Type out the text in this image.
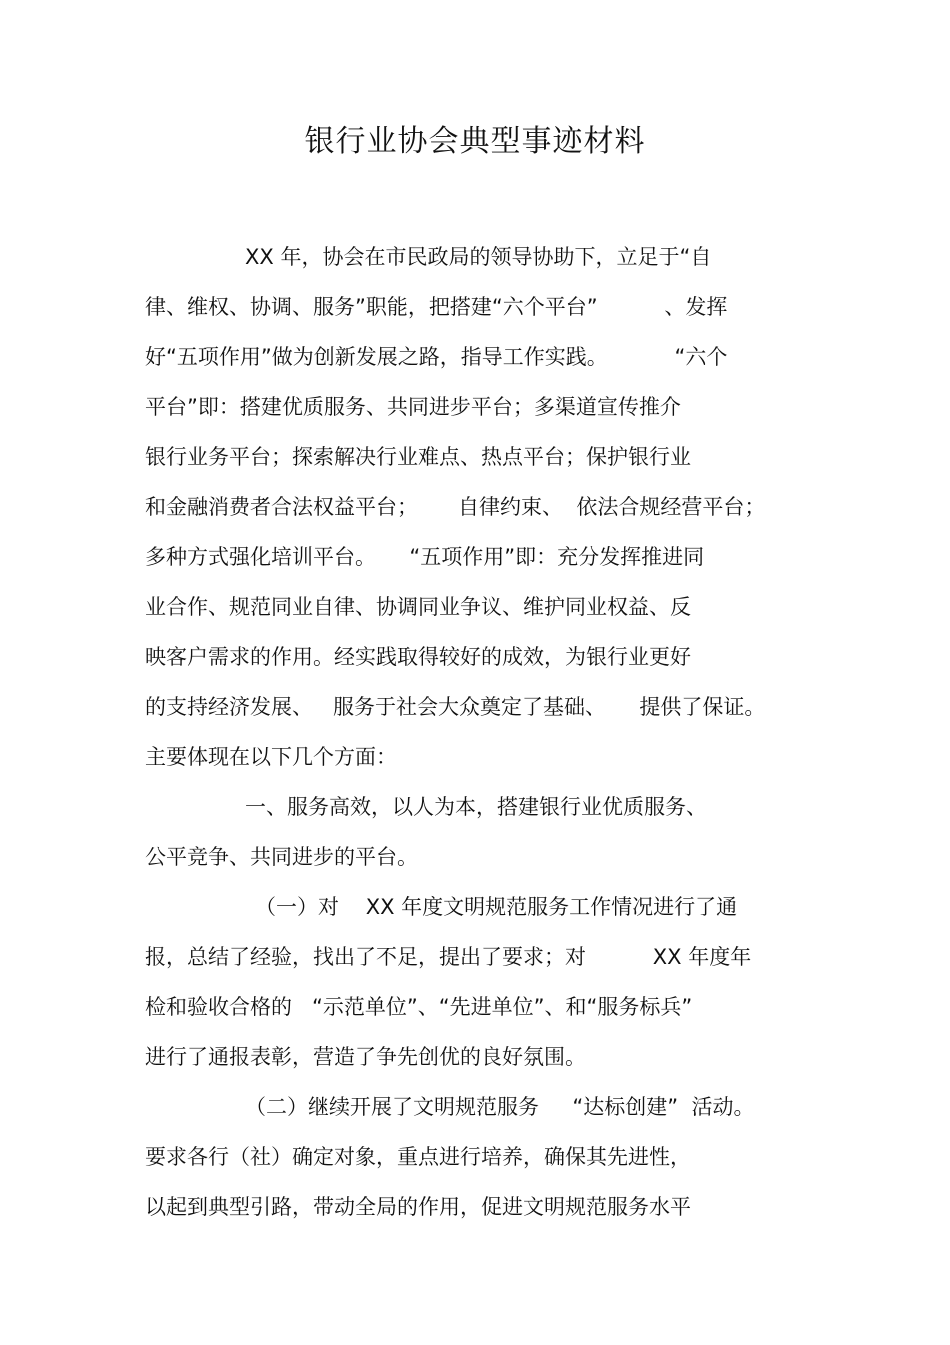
银行业协会典型事迹材料
XX 年，协会在市民政局的领导协助下，立足于“自
律、维权、协调、服务”职能，把搭建“六个平台”          、发挥
好“五项作用”做为创新发展之路，指导工作实践。          “六个
平台”即：搭建优质服务、共同进步平台；多渠道宣传推介
银行业务平台；探索解决行业难点、热点平台；保护银行业
和金融消费者合法权益平台；      自律约束、  依法合规经营平台；
多种方式强化培训平台。     “五项作用”即：充分发挥推进同
业合作、规范同业自律、协调同业争议、维护同业权益、反
映客户需求的作用。经实践取得较好的成效，为银行业更好
的支持经济发展、   服务于社会大众奠定了基础、     提供了保证。
主要体现在以下几个方面：
一、服务高效，以人为本，搭建银行业优质服务、
公平竞争、共同进步的平台。
（一）对    XX 年度文明规范服务工作情况进行了通
报，总结了经验，找出了不足，提出了要求；对          XX 年度年
检和验收合格的   “示范单位”、“先进单位”、和“服务标兵”
进行了通报表彰，营造了争先创优的良好氛围。
（二）继续开展了文明规范服务     “达标创建”  活动。
要求各行（社）确定对象，重点进行培养，确保其先进性，
以起到典型引路，带动全局的作用，促进文明规范服务水平
